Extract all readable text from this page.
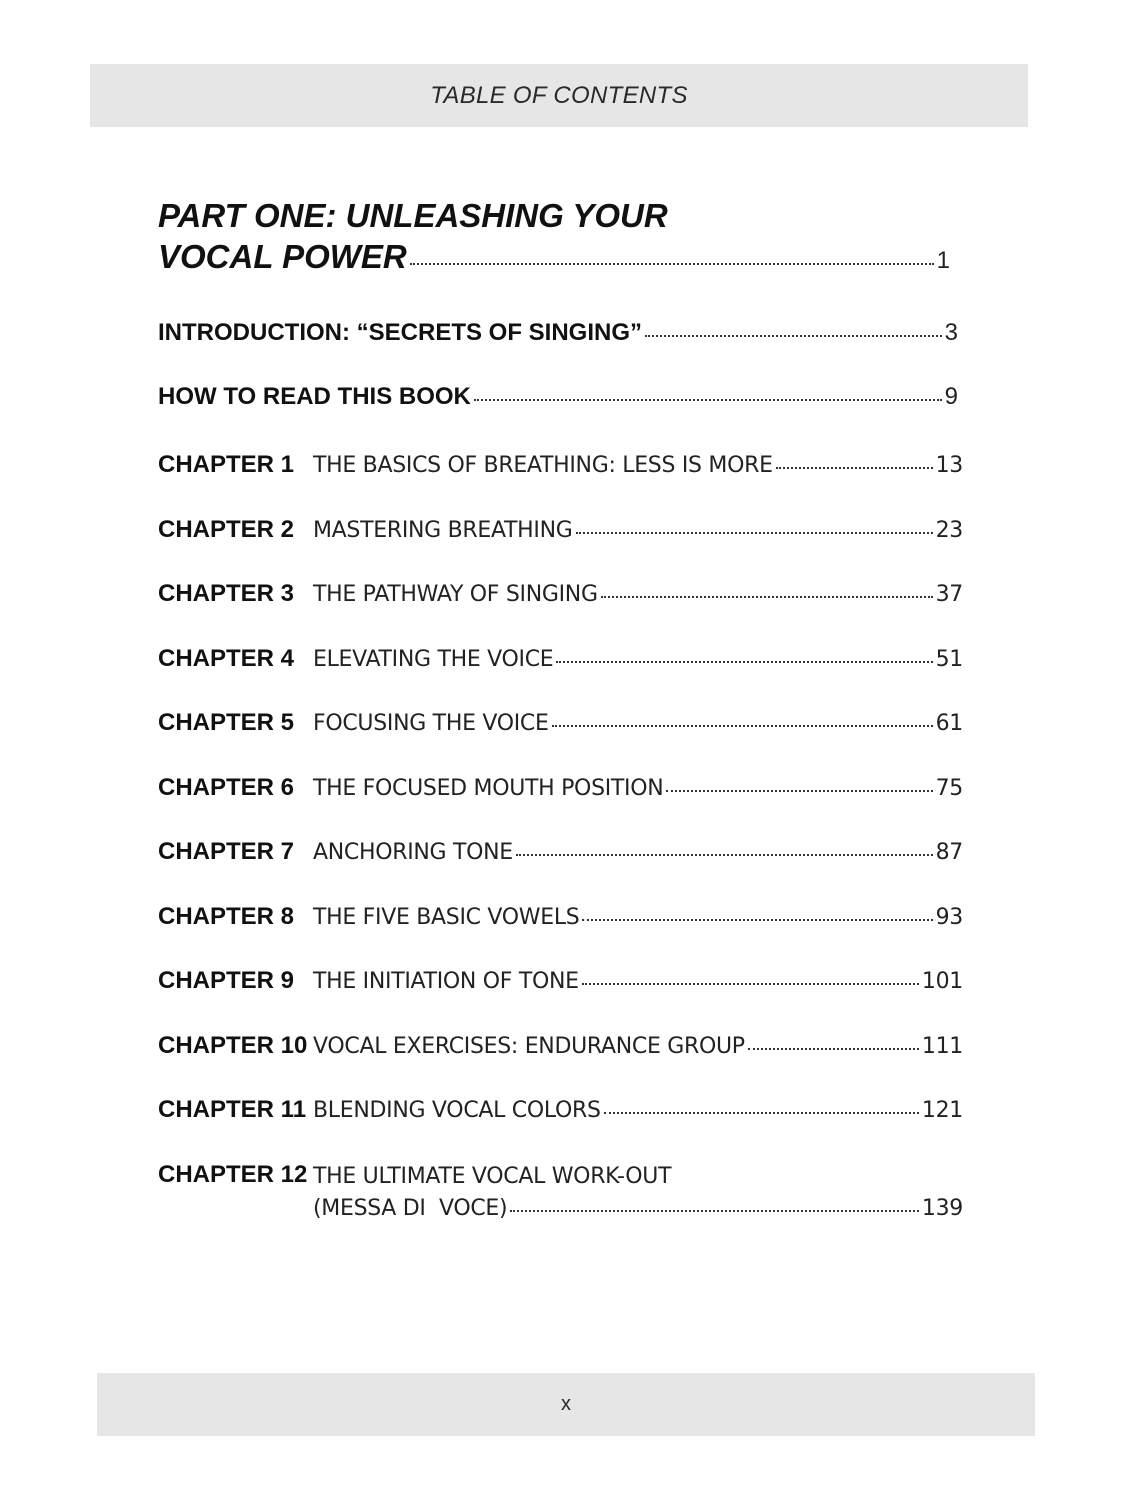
TABLE OF CONTENTS
PART ONE: UNLEASHING YOUR
VOCAL POWER	1
INTRODUCTION: “SECRETS OF SINGING”	3
HOW TO READ THIS BOOK	9
CHAPTER 1 THE BASICS OF BREATHING: LESS IS MORE	13
CHAPTER 2 MASTERING BREATHING	23
CHAPTER 3 THE PATHWAY OF SINGING	37
CHAPTER 4 ELEVATING THE VOICE	51
CHAPTER 5 FOCUSING THE VOICE	61
CHAPTER 6 THE FOCUSED MOUTH POSITION	75
CHAPTER 7 ANCHORING TONE	87
CHAPTER 8 THE FIVE BASIC VOWELS	93
CHAPTER 9 THE INITIATION OF TONE	101
CHAPTER 10 VOCAL EXERCISES: ENDURANCE GROUP	111
CHAPTER 11 BLENDING VOCAL COLORS	121
CHAPTER 12 THE ULTIMATE VOCAL WORK-OUT
(MESSA DI  VOCE)	139
x
